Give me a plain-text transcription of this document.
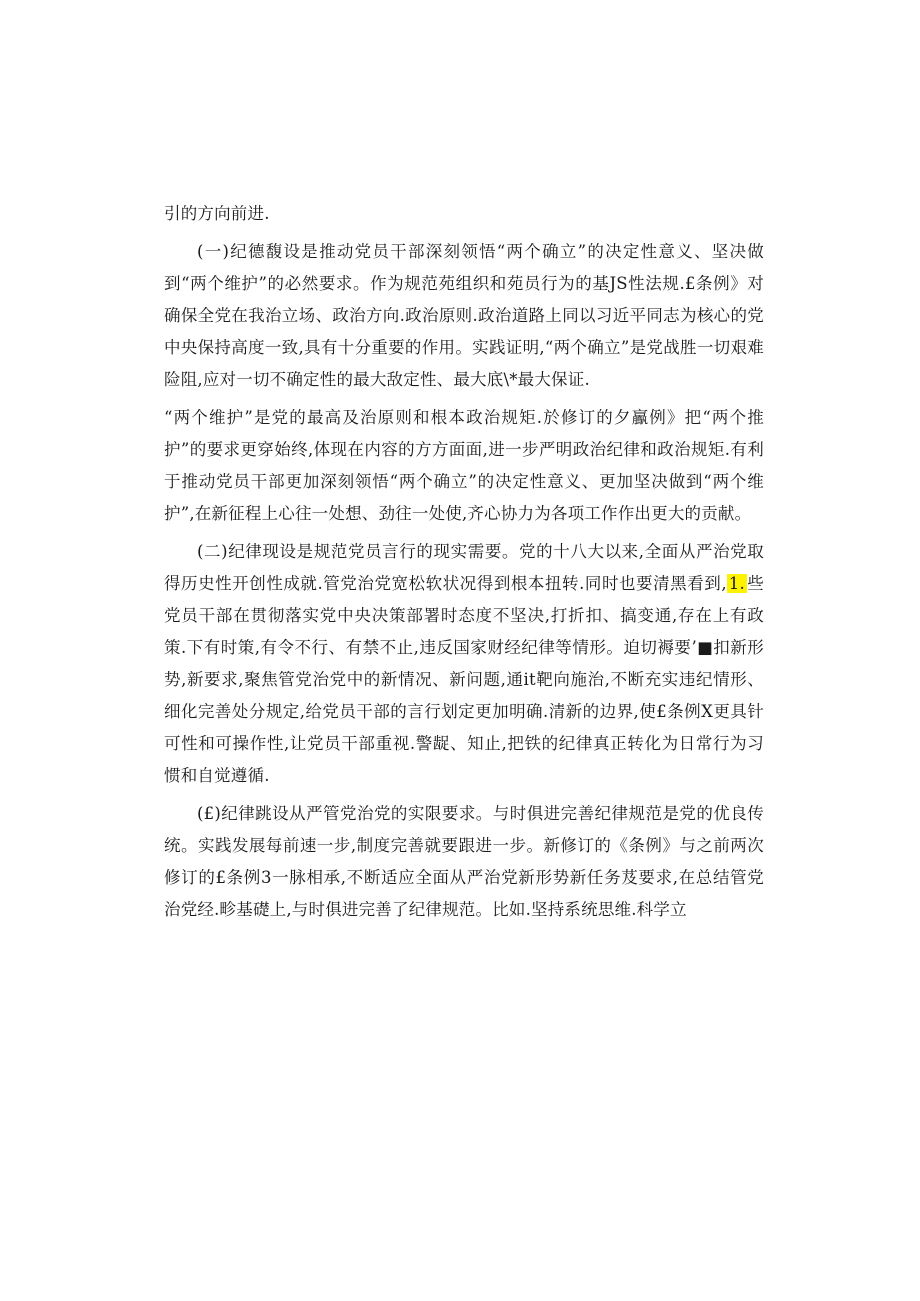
引的方向前进.

(一)纪德馥设是推动党员干部深刻领悟“两个确立”的决定性意义、坚决做到“两个维护”的必然要求。作为规范苑组织和苑员行为的基JS性法规.£条例》对确保全党在我治立场、政治方向.政治原则.政治道路上同以习近平同志为核心的党中央保持高度一致,具有十分重要的作用。实践证明,“两个确立”是党战胜一切艰难险阻,应对一切不确定性的最大敌定性、最大底\*最大保证.

“两个维护”是党的最高及治原则和根本政治规矩.於修订的夕鸁例》把“两个推护”的要求更穿始终,体现在内容的方方面面,进一步严明政治纪律和政治规矩.有利于推动党员干部更加深刻领悟“两个确立”的决定性意义、更加坚决做到“两个维护”,在新征程上心往一处想、劲往一处使,齐心协力为各项工作作出更大的贡献。

(二)纪律现设是规范党员言行的现实需要。党的十八大以来,全面从严治党取得历史性开创性成就.管党治党宽松软状况得到根本扭转.同时也要清黑看到, 1. 些党员干部在贯彻落实党中央决策部署时态度不坚决,打折扣、搞变通,存在上有政策.下有时策,有令不行、有禁不止,违反国家财经纪律等情形。迫切褥要’■扣新形势,新要求,聚焦管党治党中的新情况、新问题,通it靶向施治,不断充实违纪情形、细化完善处分规定,给党员干部的言行划定更加明确.清新的边界,使£条例X更具针可性和可操作性,让党员干部重视.警龊、知止,把铁的纪律真正转化为日常行为习惯和自觉遵循.

(£)纪律跳设从严管党治党的实限要求。与时俱进完善纪律规范是党的优良传统。实践发展每前速一步,制度完善就要跟进一步。新修订的《条例》与之前两次修订的£条例3一脉相承,不断适应全面从严治党新形势新任务芨要求,在总结管党治党经.畛基礎上,与时俱进完善了纪律规范。比如.坚持系统思维.科学立
